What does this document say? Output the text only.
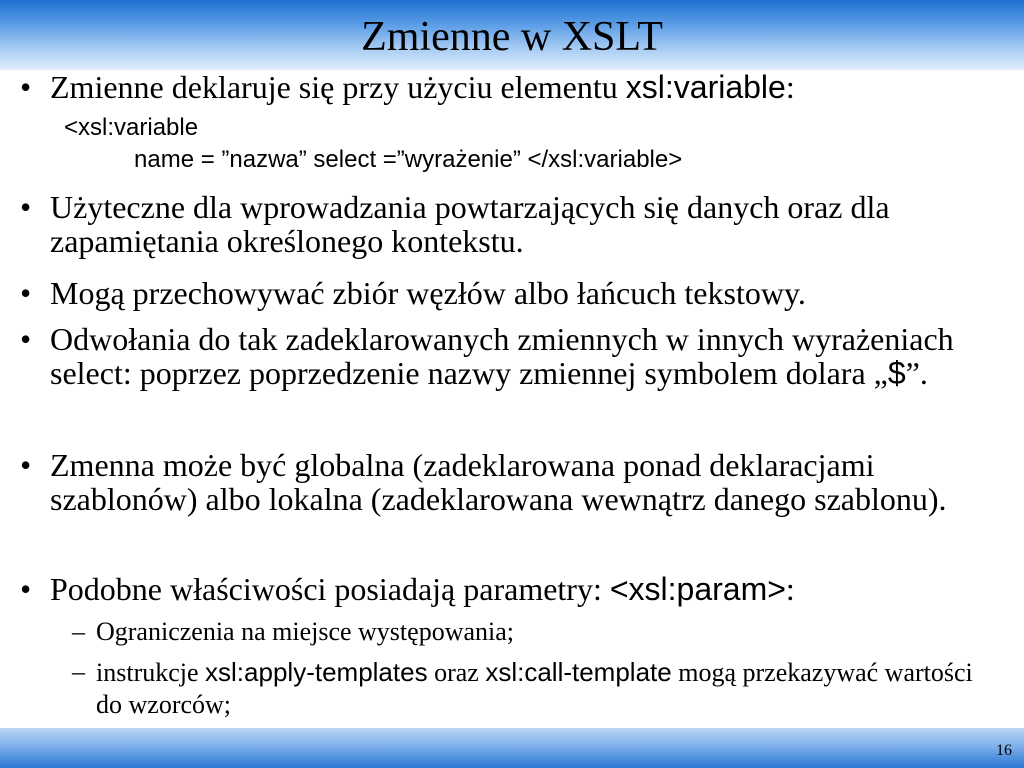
Zmienne w XSLT
• Zmienne deklaruje się przy użyciu elementu xsl:variable:
<xsl:variable
name = ”nazwa” select =”wyrażenie” </xsl:variable>
• Użyteczne dla wprowadzania powtarzających się danych oraz dla zapamiętania określonego kontekstu.
• Mogą przechowywać zbiór węzłów albo łańcuch tekstowy.
• Odwołania do tak zadeklarowanych zmiennych w innych wyrażeniach select: poprzez poprzedzenie nazwy zmiennej symbolem dolara „$”.
• Zmenna może być globalna (zadeklarowana ponad deklaracjami szablonów) albo lokalna (zadeklarowana wewnątrz danego szablonu).
• Podobne właściwości posiadają parametry: <xsl:param>:
– Ograniczenia na miejsce występowania;
– instrukcje xsl:apply-templates oraz xsl:call-template mogą przekazywać wartości do wzorców;
16
